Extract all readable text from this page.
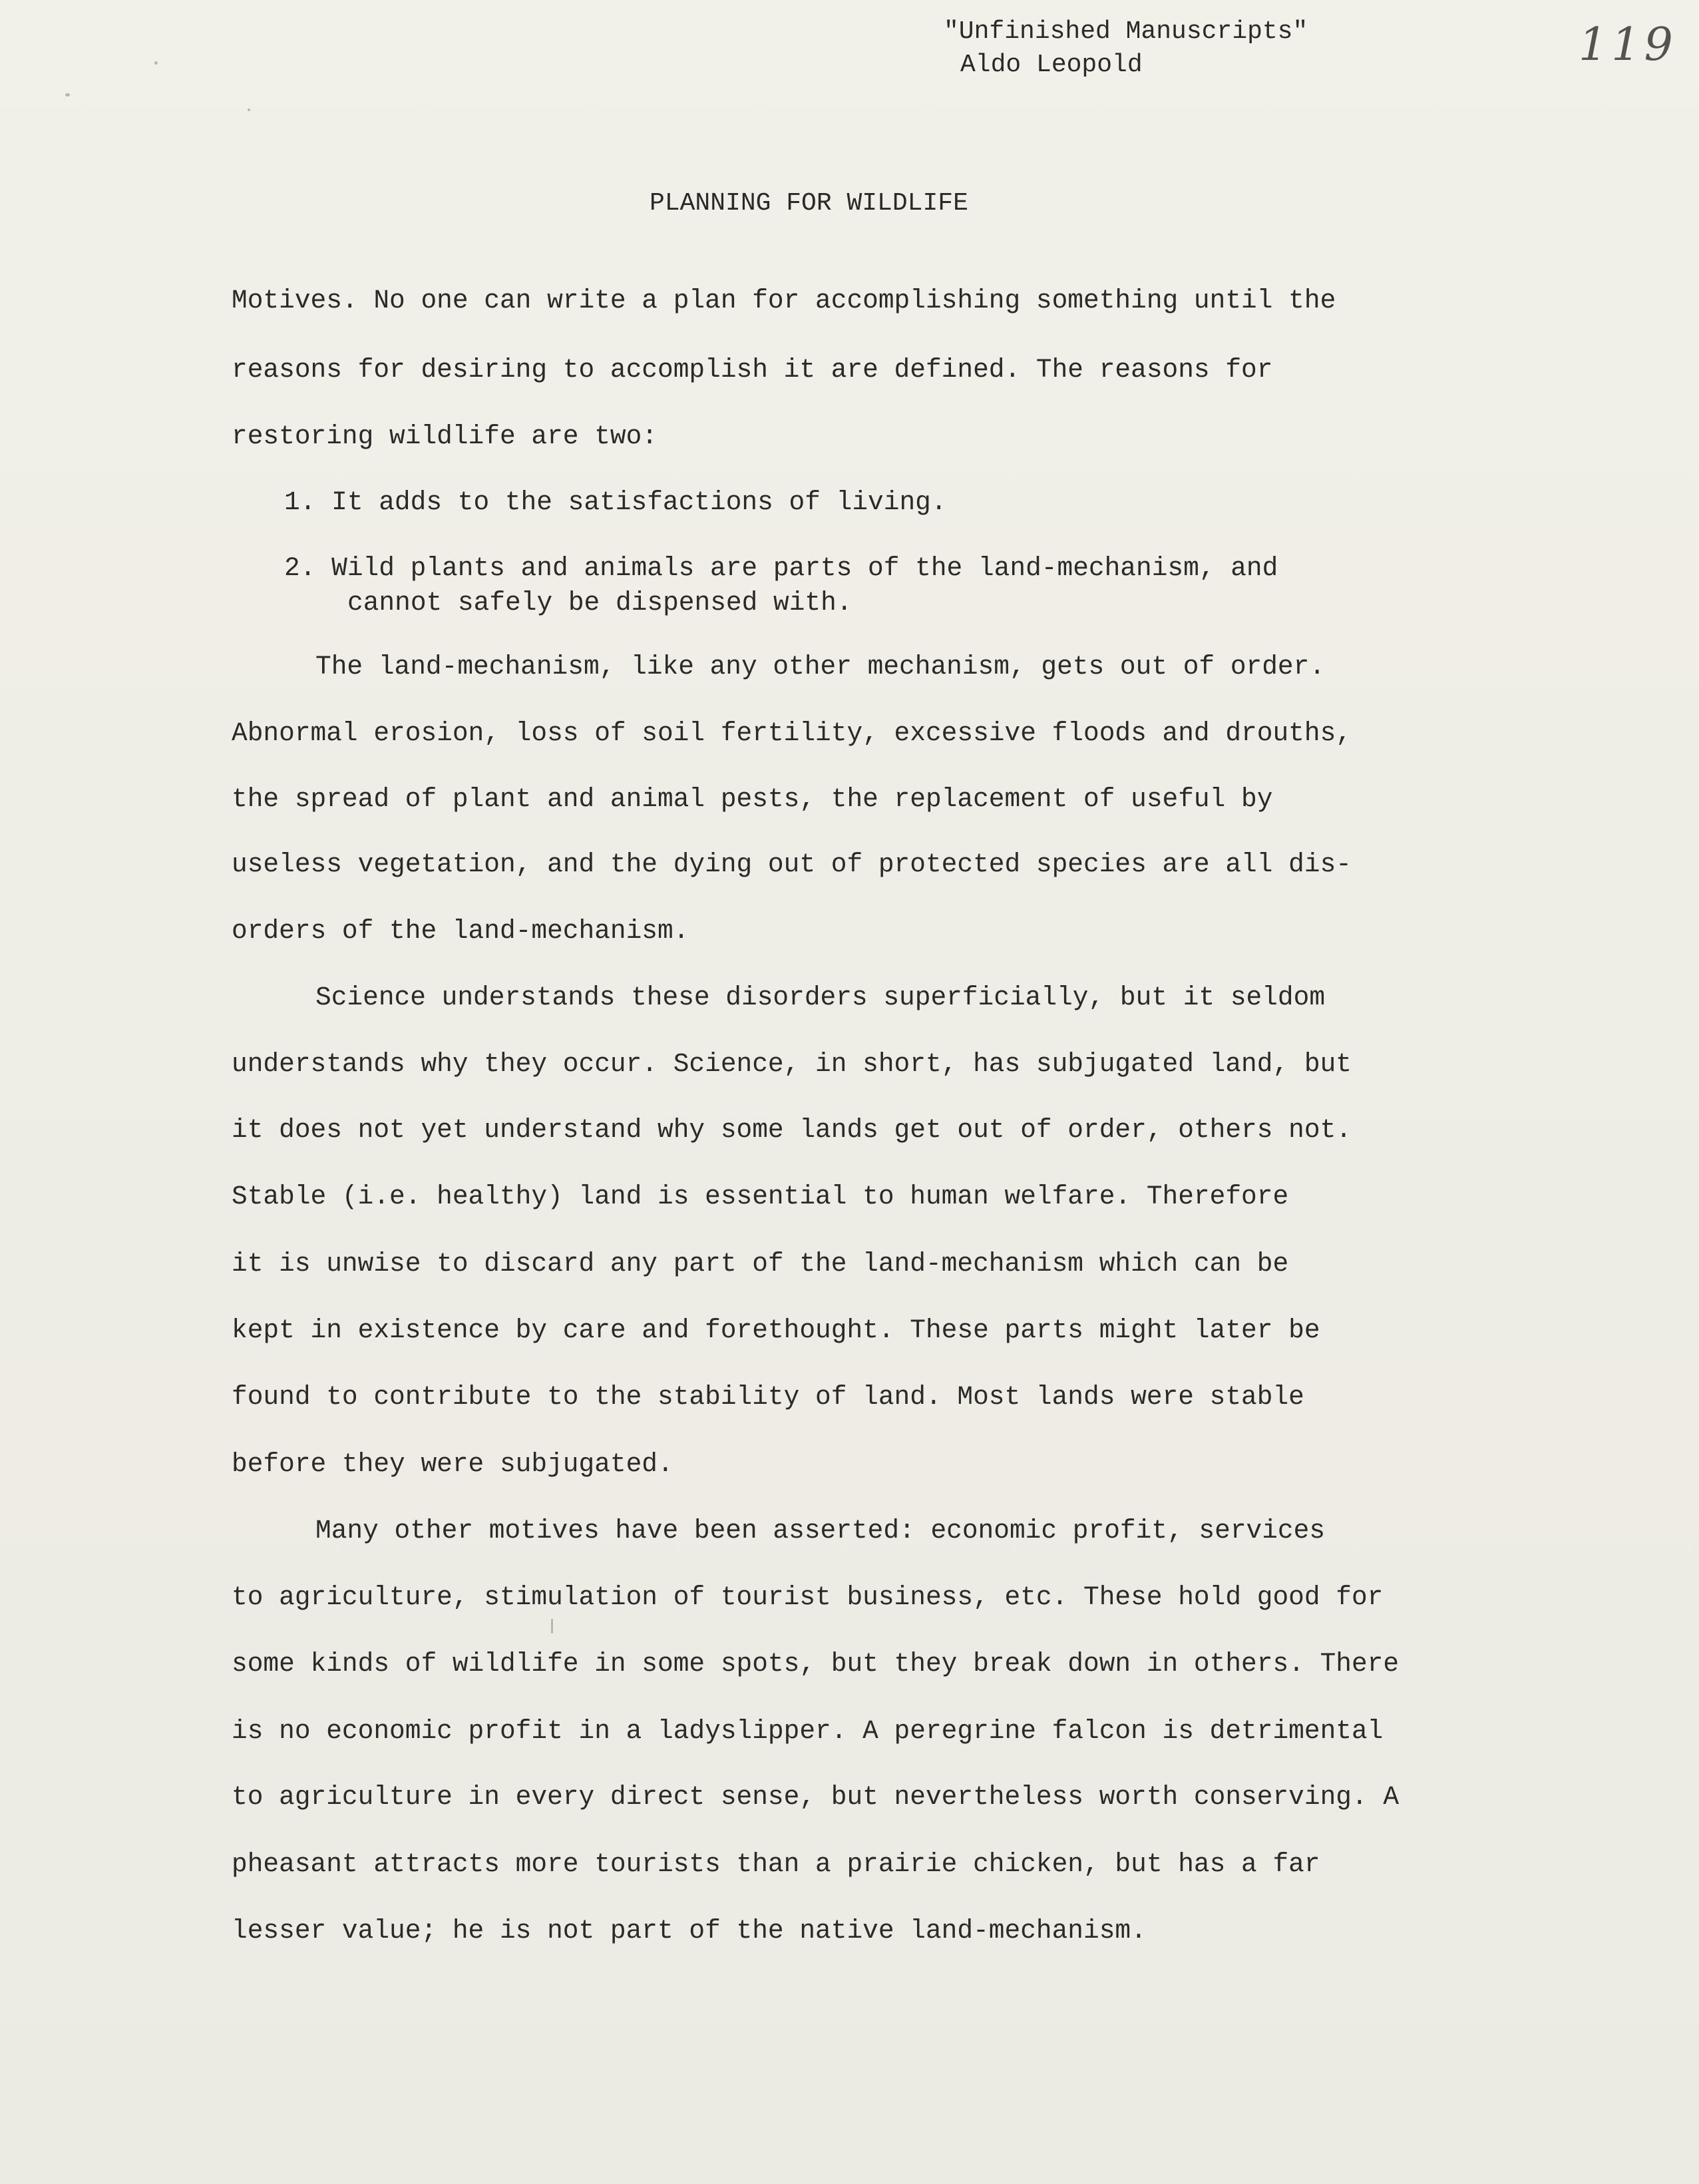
"Unfinished Manuscripts"
Aldo Leopold	119
PLANNING FOR WILDLIFE
Motives. No one can write a plan for accomplishing something until the
reasons for desiring to accomplish it are defined. The reasons for
restoring wildlife are two:
1. It adds to the satisfactions of living.
2. Wild plants and animals are parts of the land-mechanism, and
cannot safely be dispensed with.
The land-mechanism, like any other mechanism, gets out of order.
Abnormal erosion, loss of soil fertility, excessive floods and drouths,
the spread of plant and animal pests, the replacement of useful by
useless vegetation, and the dying out of protected species are all dis-
orders of the land-mechanism.
Science understands these disorders superficially, but it seldom
understands why they occur. Science, in short, has subjugated land, but
it does not yet understand why some lands get out of order, others not.
Stable (i.e. healthy) land is essential to human welfare. Therefore
it is unwise to discard any part of the land-mechanism which can be
kept in existence by care and forethought. These parts might later be
found to contribute to the stability of land. Most lands were stable
before they were subjugated.
Many other motives have been asserted: economic profit, services
to agriculture, stimulation of tourist business, etc. These hold good for
some kinds of wildlife in some spots, but they break down in others. There
is no economic profit in a ladyslipper. A peregrine falcon is detrimental
to agriculture in every direct sense, but nevertheless worth conserving. A
pheasant attracts more tourists than a prairie chicken, but has a far
lesser value; he is not part of the native land-mechanism.
